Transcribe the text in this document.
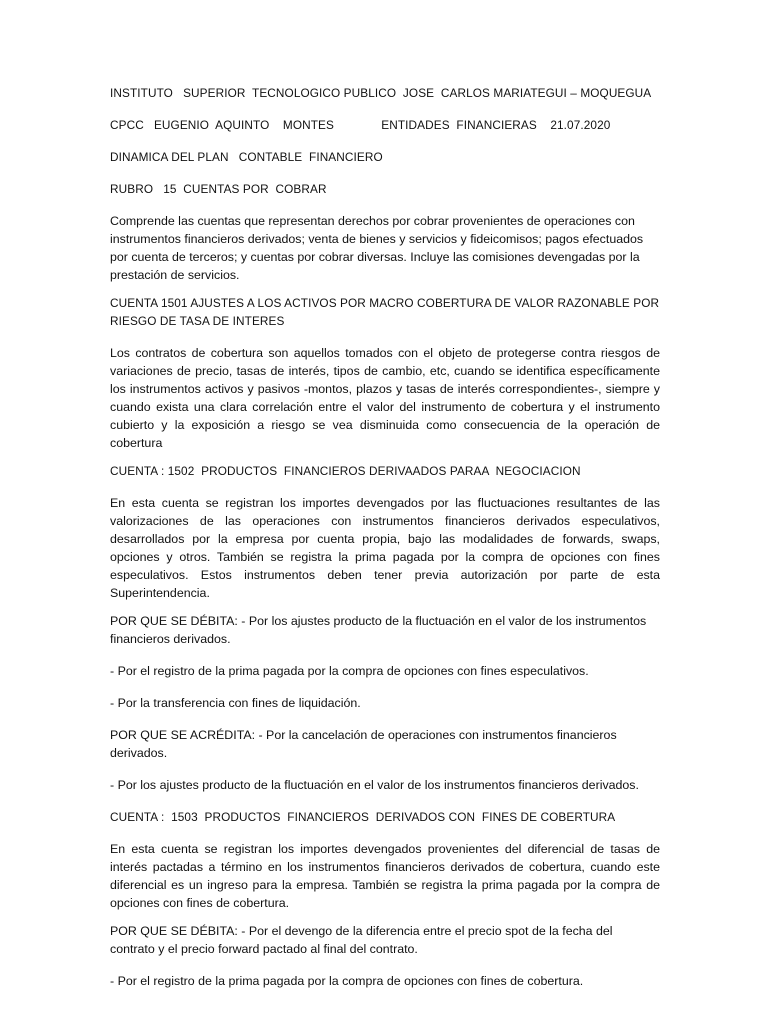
INSTITUTO   SUPERIOR  TECNOLOGICO PUBLICO  JOSE  CARLOS MARIATEGUI – MOQUEGUA

CPCC   EUGENIO  AQUINTO    MONTES              ENTIDADES  FINANCIERAS    21.07.2020

DINAMICA DEL PLAN   CONTABLE  FINANCIERO

RUBRO   15  CUENTAS POR  COBRAR

Comprende las cuentas que representan derechos por cobrar provenientes de operaciones con instrumentos financieros derivados; venta de bienes y servicios y fideicomisos; pagos efectuados por cuenta de terceros; y cuentas por cobrar diversas. Incluye las comisiones devengadas por la prestación de servicios.

CUENTA 1501 AJUSTES A LOS ACTIVOS POR MACRO COBERTURA DE VALOR RAZONABLE POR RIESGO DE TASA DE INTERES

Los contratos de cobertura son aquellos tomados con el objeto de protegerse contra riesgos de variaciones de precio, tasas de interés, tipos de cambio, etc, cuando se identifica específicamente los instrumentos activos y pasivos -montos, plazos y tasas de interés correspondientes-, siempre y cuando exista una clara correlación entre el valor del instrumento de cobertura y el instrumento cubierto y la exposición a riesgo se vea disminuida como consecuencia de la operación de cobertura

CUENTA : 1502  PRODUCTOS  FINANCIEROS DERIVAADOS PARAA  NEGOCIACION

En esta cuenta se registran los importes devengados por las fluctuaciones resultantes de las valorizaciones de las operaciones con instrumentos financieros derivados especulativos, desarrollados por la empresa por cuenta propia, bajo las modalidades de forwards, swaps, opciones y otros. También se registra la prima pagada por la compra de opciones con fines especulativos. Estos instrumentos deben tener previa autorización por parte de esta Superintendencia.

POR QUE SE DÉBITA: - Por los ajustes producto de la fluctuación en el valor de los instrumentos financieros derivados.

- Por el registro de la prima pagada por la compra de opciones con fines especulativos.

- Por la transferencia con fines de liquidación.

POR QUE SE ACRÉDITA: - Por la cancelación de operaciones con instrumentos financieros derivados.

- Por los ajustes producto de la fluctuación en el valor de los instrumentos financieros derivados.

CUENTA :  1503  PRODUCTOS  FINANCIEROS  DERIVADOS CON  FINES DE COBERTURA

En esta cuenta se registran los importes devengados provenientes del diferencial de tasas de interés pactadas a término en los instrumentos financieros derivados de cobertura, cuando este diferencial es un ingreso para la empresa. También se registra la prima pagada por la compra de opciones con fines de cobertura.

POR QUE SE DÉBITA: - Por el devengo de la diferencia entre el precio spot de la fecha del contrato y el precio forward pactado al final del contrato.

- Por el registro de la prima pagada por la compra de opciones con fines de cobertura.
